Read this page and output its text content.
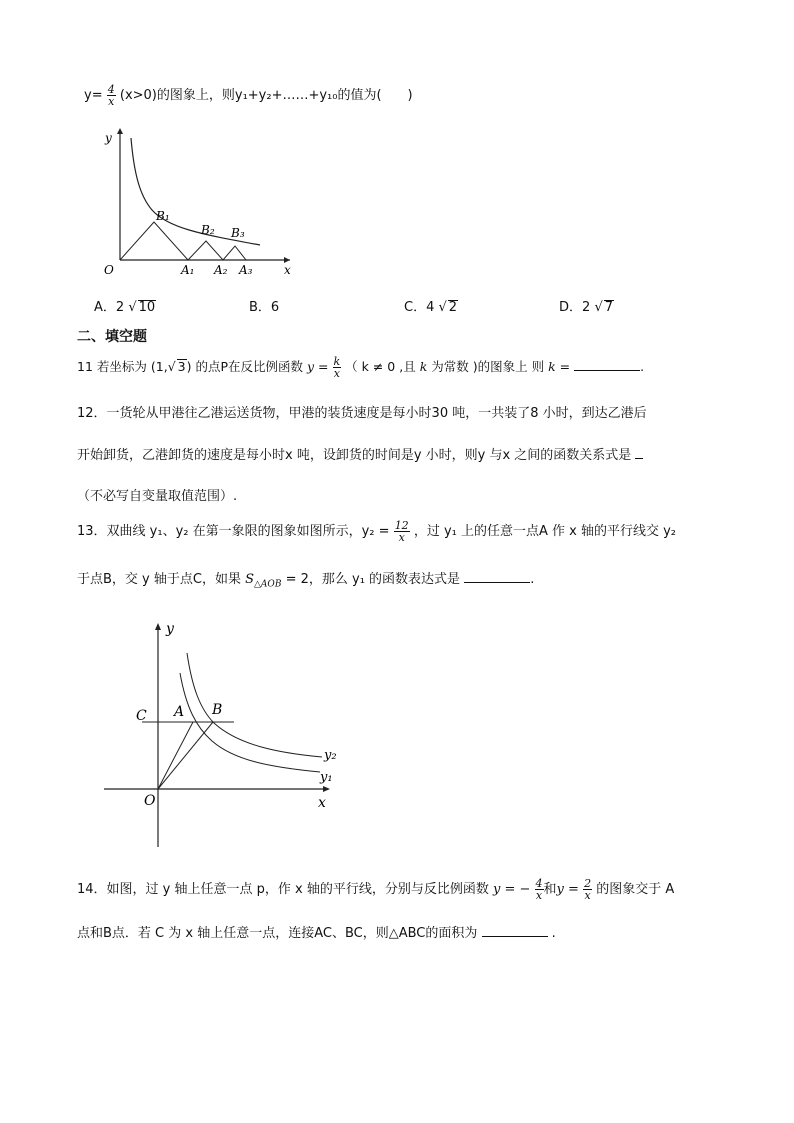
$y= \frac{4}{x} (x>0)$的图象上，则y₁+y₂+……+y₁₀的值为(　　)
y
x
O
B₁
B₂ B₃
A₁ A₂ A₃
A．2 √ 10	B．6	C．4 √ 2	D．2 √ 7
二、填空题
11 若坐标为 (1,√ 3) 的点P在反比例函数 $y = \frac{k}{x}$ （ k ≠ 0 ,且 k 为常数 )的图象上 则 k =	.
12．一货轮从甲港往乙港运送货物，甲港的装货速度是每小时30 吨，一共装了8 小时，到达乙港后
开始卸货，乙港卸货的速度是每小时x 吨，设卸货的时间是y 小时，则y 与x 之间的函数关系式是
（不必写自变量取值范围）.
13．双曲线 y₁、y₂ 在第一象限的图象如图所示，$y_2 = \frac{12}{x}$ ，过 y₁ 上的任意一点A 作 x 轴的平行线交 y₂
于点B，交 y 轴于点C，如果 $S_{\triangle AOB} = 2$，那么 y₁ 的函数表达式是	.
y
x
O
C A B
y₂
y₁
14．如图，过 y 轴上任意一点 p，作 x 轴的平行线，分别与反比例函数 y = − $\frac{4}{x}$ 和$y = \frac{2}{x}$ 的图象交于 A
点和B点．若 C 为 x 轴上任意一点，连接AC、BC，则△ABC的面积为	.
